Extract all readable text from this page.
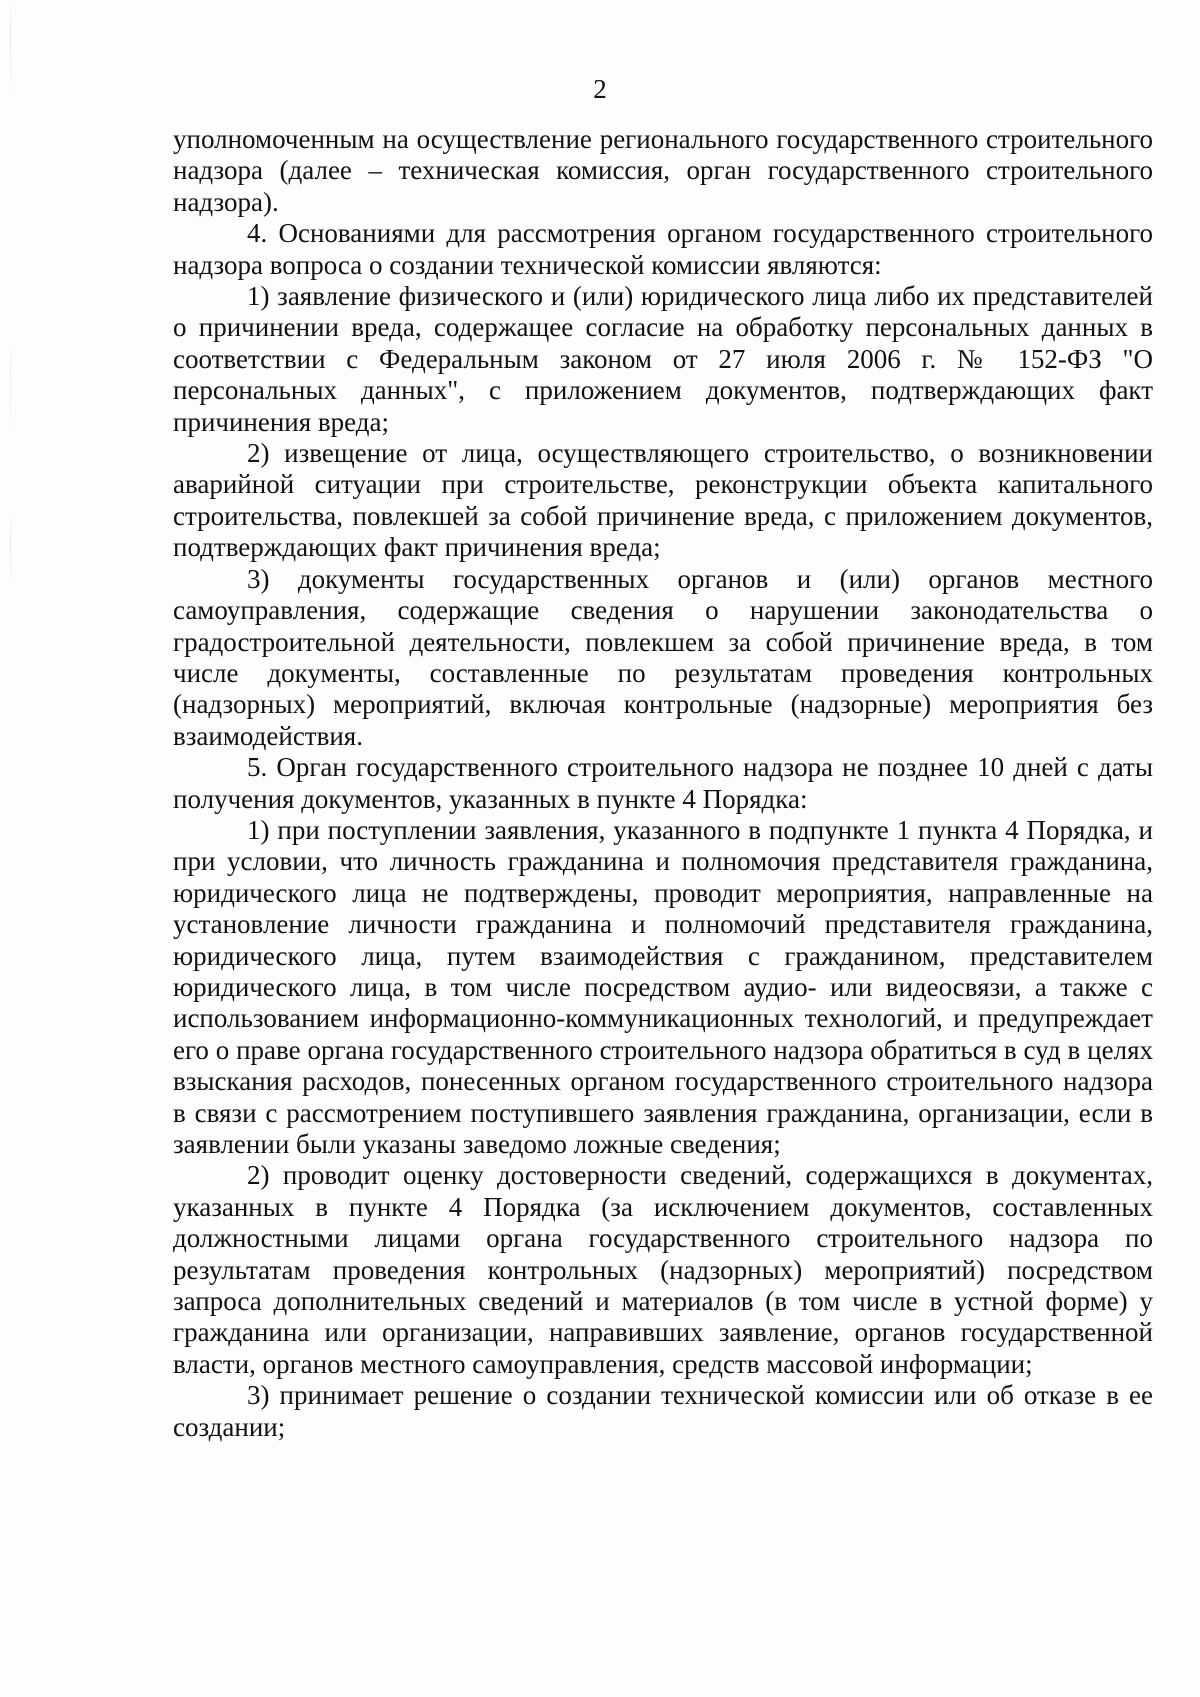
2

уполномоченным на осуществление регионального государственного строительного надзора (далее – техническая комиссия, орган государственного строительного надзора).

4. Основаниями для рассмотрения органом государственного строительного надзора вопроса о создании технической комиссии являются:

1) заявление физического и (или) юридического лица либо их представителей о причинении вреда, содержащее согласие на обработку персональных данных в соответствии с Федеральным законом от 27 июля 2006 г. № 152-ФЗ "О персональных данных", с приложением документов, подтверждающих факт причинения вреда;

2) извещение от лица, осуществляющего строительство, о возникновении аварийной ситуации при строительстве, реконструкции объекта капитального строительства, повлекшей за собой причинение вреда, с приложением документов, подтверждающих факт причинения вреда;

3) документы государственных органов и (или) органов местного самоуправления, содержащие сведения о нарушении законодательства о градостроительной деятельности, повлекшем за собой причинение вреда, в том числе документы, составленные по результатам проведения контрольных (надзорных) мероприятий, включая контрольные (надзорные) мероприятия без взаимодействия.

5. Орган государственного строительного надзора не позднее 10 дней с даты получения документов, указанных в пункте 4 Порядка:

1) при поступлении заявления, указанного в подпункте 1 пункта 4 Порядка, и при условии, что личность гражданина и полномочия представителя гражданина, юридического лица не подтверждены, проводит мероприятия, направленные на установление личности гражданина и полномочий представителя гражданина, юридического лица, путем взаимодействия с гражданином, представителем юридического лица, в том числе посредством аудио- или видеосвязи, а также с использованием информационно-коммуникационных технологий, и предупреждает его о праве органа государственного строительного надзора обратиться в суд в целях взыскания расходов, понесенных органом государственного строительного надзора в связи с рассмотрением поступившего заявления гражданина, организации, если в заявлении были указаны заведомо ложные сведения;

2) проводит оценку достоверности сведений, содержащихся в документах, указанных в пункте 4 Порядка (за исключением документов, составленных должностными лицами органа государственного строительного надзора по результатам проведения контрольных (надзорных) мероприятий) посредством запроса дополнительных сведений и материалов (в том числе в устной форме) у гражданина или организации, направивших заявление, органов государственной власти, органов местного самоуправления, средств массовой информации;

3) принимает решение о создании технической комиссии или об отказе в ее создании;
